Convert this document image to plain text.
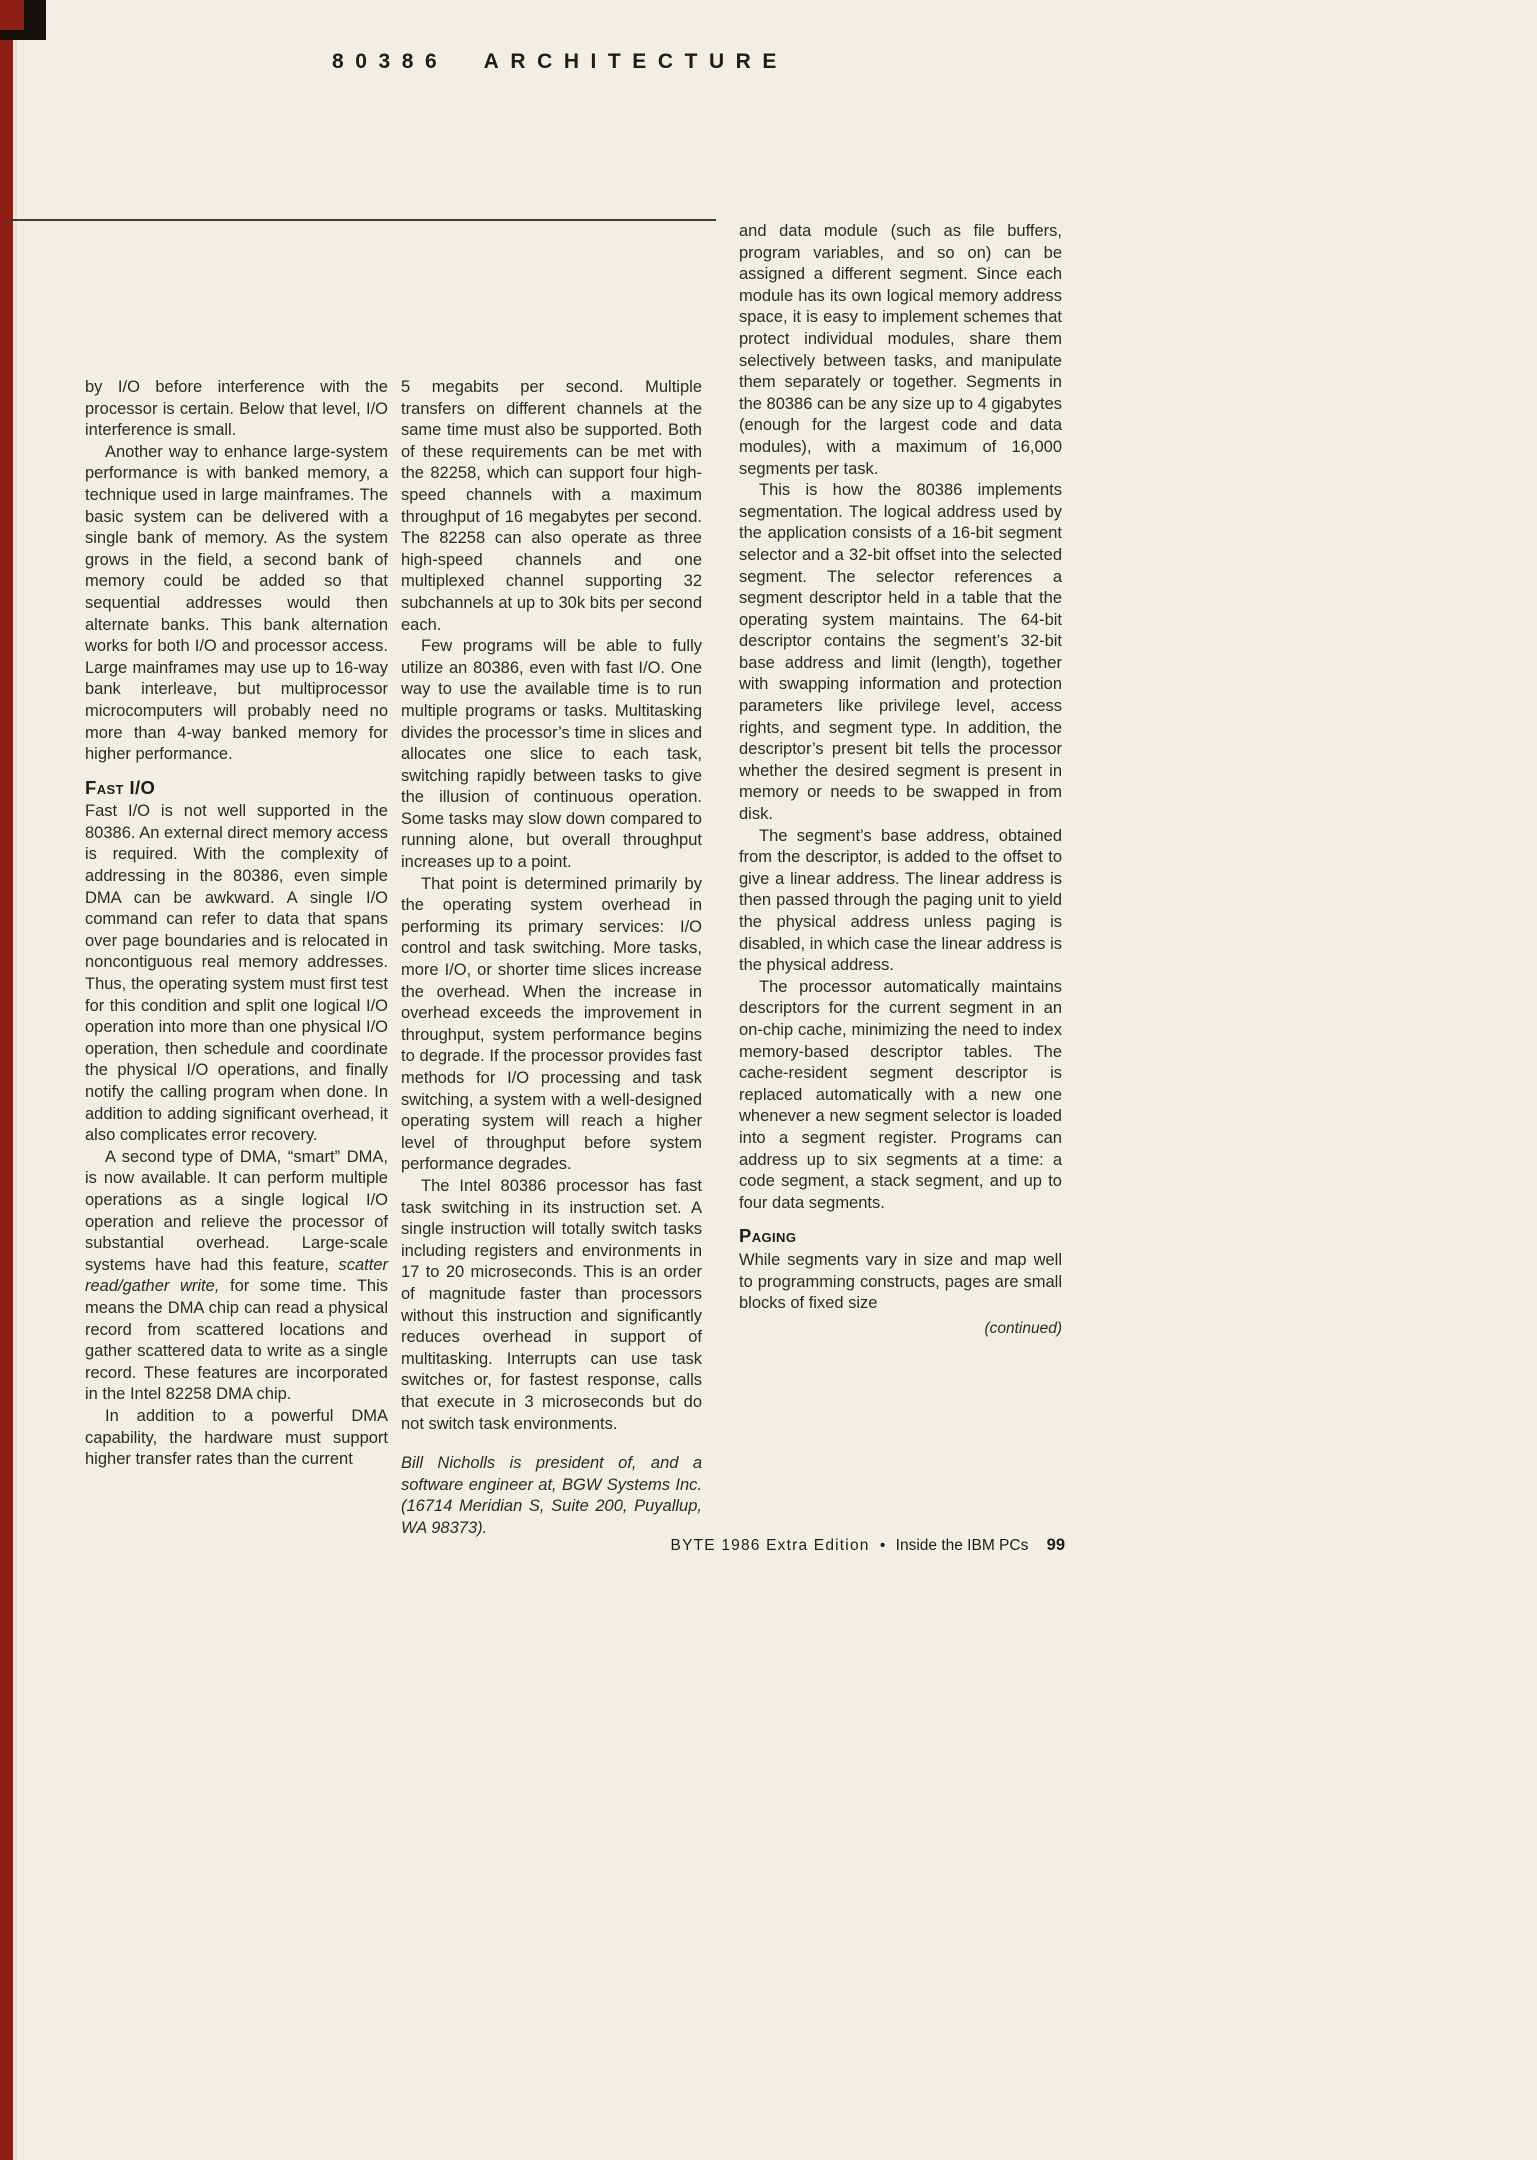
80386 ARCHITECTURE

by I/O before interference with the processor is certain. Below that level, I/O interference is small.

Another way to enhance large-system performance is with banked memory, a technique used in large mainframes. The basic system can be delivered with a single bank of memory. As the system grows in the field, a second bank of memory could be added so that sequential addresses would then alternate banks. This bank alternation works for both I/O and processor access. Large mainframes may use up to 16-way bank interleave, but multiprocessor microcomputers will probably need no more than 4-way banked memory for higher performance.

Fast I/O

Fast I/O is not well supported in the 80386. An external direct memory access is required. With the complexity of addressing in the 80386, even simple DMA can be awkward. A single I/O command can refer to data that spans over page boundaries and is relocated in noncontiguous real memory addresses. Thus, the operating system must first test for this condition and split one logical I/O operation into more than one physical I/O operation, then schedule and coordinate the physical I/O operations, and finally notify the calling program when done. In addition to adding significant overhead, it also complicates error recovery.

A second type of DMA, “smart” DMA, is now available. It can perform multiple operations as a single logical I/O operation and relieve the processor of substantial overhead. Large-scale systems have had this feature, scatter read/gather write, for some time. This means the DMA chip can read a physical record from scattered locations and gather scattered data to write as a single record. These features are incorporated in the Intel 82258 DMA chip.

In addition to a powerful DMA capability, the hardware must support higher transfer rates than the current

5 megabits per second. Multiple transfers on different channels at the same time must also be supported. Both of these requirements can be met with the 82258, which can support four high-speed channels with a maximum throughput of 16 megabytes per second. The 82258 can also operate as three high-speed channels and one multiplexed channel supporting 32 subchannels at up to 30k bits per second each.

Few programs will be able to fully utilize an 80386, even with fast I/O. One way to use the available time is to run multiple programs or tasks. Multitasking divides the processor’s time in slices and allocates one slice to each task, switching rapidly between tasks to give the illusion of continuous operation. Some tasks may slow down compared to running alone, but overall throughput increases up to a point.

That point is determined primarily by the operating system overhead in performing its primary services: I/O control and task switching. More tasks, more I/O, or shorter time slices increase the overhead. When the increase in overhead exceeds the improvement in throughput, system performance begins to degrade. If the processor provides fast methods for I/O processing and task switching, a system with a well-designed operating system will reach a higher level of throughput before system performance degrades.

The Intel 80386 processor has fast task switching in its instruction set. A single instruction will totally switch tasks including registers and environments in 17 to 20 microseconds. This is an order of magnitude faster than processors without this instruction and significantly reduces overhead in support of multitasking. Interrupts can use task switches or, for fastest response, calls that execute in 3 microseconds but do not switch task environments.

Bill Nicholls is president of, and a software engineer at, BGW Systems Inc. (16714 Meridian S, Suite 200, Puyallup, WA 98373).

and data module (such as file buffers, program variables, and so on) can be assigned a different segment. Since each module has its own logical memory address space, it is easy to implement schemes that protect individual modules, share them selectively between tasks, and manipulate them separately or together. Segments in the 80386 can be any size up to 4 gigabytes (enough for the largest code and data modules), with a maximum of 16,000 segments per task.

This is how the 80386 implements segmentation. The logical address used by the application consists of a 16-bit segment selector and a 32-bit offset into the selected segment. The selector references a segment descriptor held in a table that the operating system maintains. The 64-bit descriptor contains the segment’s 32-bit base address and limit (length), together with swapping information and protection parameters like privilege level, access rights, and segment type. In addition, the descriptor’s present bit tells the processor whether the desired segment is present in memory or needs to be swapped in from disk.

The segment’s base address, obtained from the descriptor, is added to the offset to give a linear address. The linear address is then passed through the paging unit to yield the physical address unless paging is disabled, in which case the linear address is the physical address.

The processor automatically maintains descriptors for the current segment in an on-chip cache, minimizing the need to index memory-based descriptor tables. The cache-resident segment descriptor is replaced automatically with a new one whenever a new segment selector is loaded into a segment register. Programs can address up to six segments at a time: a code segment, a stack segment, and up to four data segments.

Paging

While segments vary in size and map well to programming constructs, pages are small blocks of fixed size

(continued)

BYTE 1986 Extra Edition • Inside the IBM PCs 99
